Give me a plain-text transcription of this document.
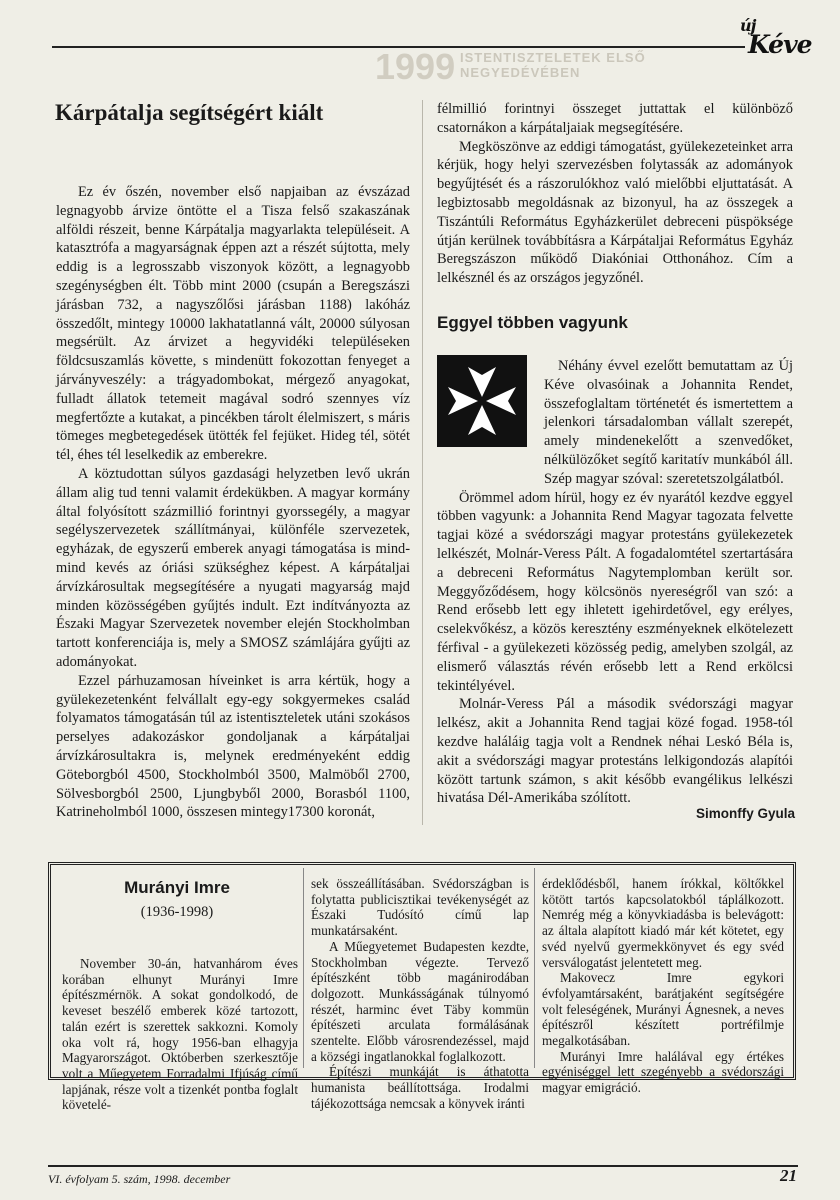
új
Kéve
1999 ISTENTISZTELETEK ELSŐ NEGYEDÉVÉBEN
Kárpátalja segítségért kiált

Ez év őszén, november első napjaiban az évszázad legnagyobb árvize öntötte el a Tisza felső szakaszának alföldi részeit, benne Kárpátalja magyarlakta településeit. A katasztrófa a magyarságnak éppen azt a részét sújtotta, mely eddig is a legrosszabb viszonyok között, a legnagyobb szegénységben élt. Több mint 2000 (csupán a Beregszászi járásban 732, a nagyszőlősi járásban 1188) lakóház összedőlt, mintegy 10000 lakhatatlanná vált, 20000 súlyosan megsérült. Az árvizet a hegyvidéki településeken földcsuszamlás követte, s mindenütt fokozottan fenyeget a járványveszély: a trágyadombokat, mérgező anyagokat, fulladt állatok tetemeit magával sodró szennyes víz megfertőzte a kutakat, a pincékben tárolt élelmiszert, s máris tömeges megbetegedések ütötték fel fejüket. Hideg tél, sötét tél, éhes tél leselkedik az emberekre.

A köztudottan súlyos gazdasági helyzetben levő ukrán állam alig tud tenni valamit érdekükben. A magyar kormány által folyósított százmillió forintnyi gyorssegély, a magyar segélyszervezetek szállítmányai, különféle szervezetek, egyházak, de egyszerű emberek anyagi támogatása is mind-mind kevés az óriási szükséghez képest. A kárpátaljai árvízkárosultak megsegítésére a nyugati magyarság majd minden közösségében gyűjtés indult. Ezt indítványozta az Északi Magyar Szervezetek november elején Stockholmban tartott konferenciája is, mely a SMOSZ számlájára gyűjti az adományokat.

Ezzel párhuzamosan híveinket is arra kértük, hogy a gyülekezetenként felvállalt egy-egy sokgyermekes család folyamatos támogatásán túl az istentiszteletek utáni szokásos perselyes adakozáskor gondoljanak a kárpátaljai árvízkárosultakra is, melynek eredményeként eddig Göteborgból 4500, Stockholmból 3500, Malmöből 2700, Sölvesborgból 2500, Ljungbyből 2000, Borasból 1100, Katrineholmból 1000, összesen mintegy17300 koronát,

félmillió forintnyi összeget juttattak el különböző csatornákon a kárpátaljaiak megsegítésére.

Megköszönve az eddigi támogatást, gyülekezeteinket arra kérjük, hogy helyi szervezésben folytassák az adományok begyűjtését és a rászorulókhoz való mielőbbi eljuttatását. A legbiztosabb megoldásnak az bizonyul, ha az összegek a Tiszántúli Református Egyházkerület debreceni püspöksége útján kerülnek továbbításra a Kárpátaljai Református Egyház Beregszászon működő Diakóniai Otthonához. Cím a lelkésznél és az országos jegyzőnél.

Eggyel többen vagyunk

Néhány évvel ezelőtt bemutattam az Új Kéve olvasóinak a Johannita Rendet, összefoglaltam történetét és ismertettem a jelenkori társadalomban vállalt szerepét, amely mindenekelőtt a szenvedőket, nélkülözőket segítő karitatív munkából áll. Szép magyar szóval: szeretetszolgálatból.

Örömmel adom hírül, hogy ez év nyarától kezdve eggyel többen vagyunk: a Johannita Rend Magyar tagozata felvette tagjai közé a svédországi magyar protestáns gyülekezetek lelkészét, Molnár-Veress Pált. A fogadalomtétel szertartására a debreceni Református Nagytemplomban került sor. Meggyőződésem, hogy kölcsönös nyereségről van szó: a Rend erősebb lett egy ihletett igehirdetővel, egy erélyes, cselekvőkész, a közös keresztény eszményeknek elkötelezett férfival - a gyülekezeti közösség pedig, amelyben szolgál, az elismerő választás révén erősebb lett a Rend erkölcsi tekintélyével.

Molnár-Veress Pál a második svédországi magyar lelkész, akit a Johannita Rend tagjai közé fogad. 1958-tól kezdve haláláig tagja volt a Rendnek néhai Leskó Béla is, akit a svédországi magyar protestáns lelkigondozás alapítói között tartunk számon, s akit később evangélikus lelkészi hivatása Dél-Amerikába szólított.

Simonffy Gyula
Murányi Imre
(1936-1998)

November 30-án, hatvanhárom éves korában elhunyt Murányi Imre építészmérnök. A sokat gondolkodó, de keveset beszélő emberek közé tartozott, talán ezért is szerettek sakkozni. Komoly oka volt rá, hogy 1956-ban elhagyja Magyarországot. Októberben szerkesztője volt a Műegyetem Forradalmi Ifjúság című lapjának, része volt a tizenkét pontba foglalt követelé-

sek összeállításában. Svédországban is folytatta publicisztikai tevékenységét az Északi Tudósító című lap munkatársaként.

A Műegyetemet Budapesten kezdte, Stockholmban végezte. Tervező építészként több magánirodában dolgozott. Munkásságának túlnyomó részét, harminc évet Täby kommün építészeti arculata formálásának szentelte. Előbb városrendezéssel, majd a községi ingatlanokkal foglalkozott.

Építészi munkáját is áthatotta humanista beállítottsága. Irodalmi tájékozottsága nemcsak a könyvek iránti

érdeklődésből, hanem írókkal, költőkkel kötött tartós kapcsolatokból táplálkozott. Nemrég még a könyvkiadásba is belevágott: az általa alapított kiadó már két kötetet, egy svéd nyelvű gyermekkönyvet és egy svéd versválogatást jelentetett meg.

Makovecz Imre egykori évfolyamtársaként, barátjaként segítségére volt feleségének, Murányi Ágnesnek, a neves építészről készített portréfilmje megalkotásában.

Murányi Imre halálával egy értékes egyéniséggel lett szegényebb a svédországi magyar emigráció.

VI. évfolyam 5. szám, 1998. december	21
